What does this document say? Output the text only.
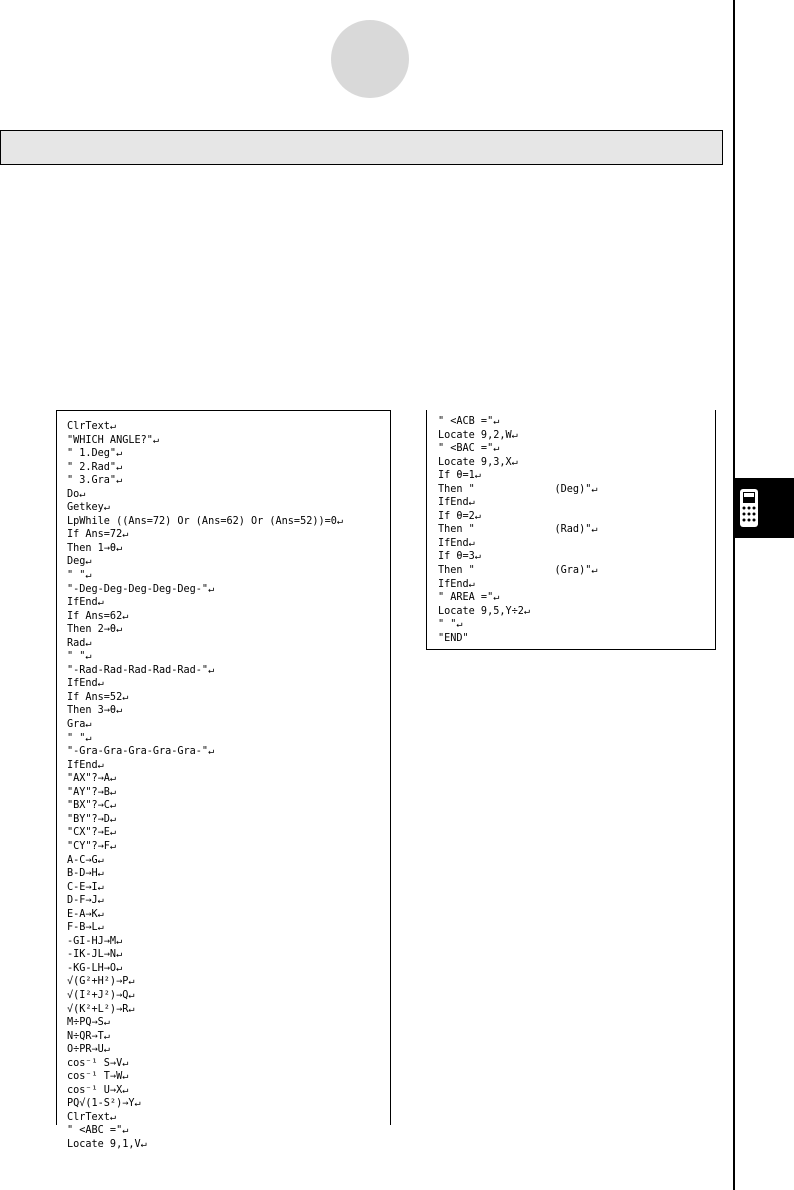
ClrText↵
"WHICH ANGLE?"↵
" 1.Deg"↵
" 2.Rad"↵
" 3.Gra"↵
Do↵
Getkey↵
LpWhile ((Ans=72) Or (Ans=62) Or (Ans=52))=0↵
If Ans=72↵
Then 1→θ↵
Deg↵
" "↵
"-Deg-Deg-Deg-Deg-Deg-"↵
IfEnd↵
If Ans=62↵
Then 2→θ↵
Rad↵
" "↵
"-Rad-Rad-Rad-Rad-Rad-"↵
IfEnd↵
If Ans=52↵
Then 3→θ↵
Gra↵
" "↵
"-Gra-Gra-Gra-Gra-Gra-"↵
IfEnd↵
"AX"?→A↵
"AY"?→B↵
"BX"?→C↵
"BY"?→D↵
"CX"?→E↵
"CY"?→F↵
A-C→G↵
B-D→H↵
C-E→I↵
D-F→J↵
E-A→K↵
F-B→L↵
-GI-HJ→M↵
-IK-JL→N↵
-KG-LH→O↵
√(G²+H²)→P↵
√(I²+J²)→Q↵
√(K²+L²)→R↵
M÷PQ→S↵
N÷QR→T↵
O÷PR→U↵
cos⁻¹ S→V↵
cos⁻¹ T→W↵
cos⁻¹ U→X↵
PQ√(1-S²)→Y↵
ClrText↵
" <ABC ="↵
Locate 9,1,V↵
" <ACB ="↵
Locate 9,2,W↵
" <BAC ="↵
Locate 9,3,X↵
If θ=1↵
Then "             (Deg)"↵
IfEnd↵
If θ=2↵
Then "             (Rad)"↵
IfEnd↵
If θ=3↵
Then "             (Gra)"↵
IfEnd↵
" AREA ="↵
Locate 9,5,Y÷2↵
" "↵
"END"
